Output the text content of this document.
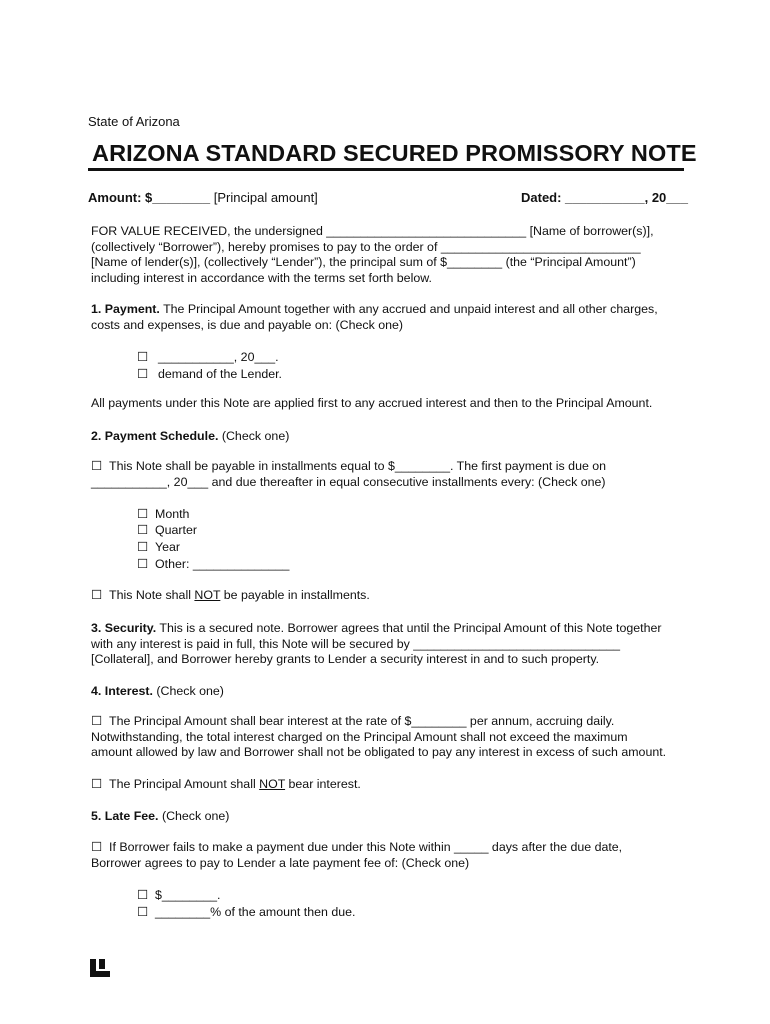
State of Arizona
ARIZONA STANDARD SECURED PROMISSORY NOTE
Amount: $________ [Principal amount]	Dated: ___________, 20___
FOR VALUE RECEIVED, the undersigned _____________________________ [Name of borrower(s)],
(collectively “Borrower”), hereby promises to pay to the order of _____________________________
[Name of lender(s)], (collectively “Lender”), the principal sum of $________ (the “Principal Amount”)
including interest in accordance with the terms set forth below.
1. Payment. The Principal Amount together with any accrued and unpaid interest and all other charges,
costs and expenses, is due and payable on: (Check one)
☐ ___________, 20___.
☐ demand of the Lender.
All payments under this Note are applied first to any accrued interest and then to the Principal Amount.
2. Payment Schedule. (Check one)
☐ This Note shall be payable in installments equal to $________. The first payment is due on
___________, 20___ and due thereafter in equal consecutive installments every: (Check one)
☐ Month
☐ Quarter
☐ Year
☐ Other: ______________
☐ This Note shall NOT be payable in installments.
3. Security. This is a secured note. Borrower agrees that until the Principal Amount of this Note together
with any interest is paid in full, this Note will be secured by ______________________________
[Collateral], and Borrower hereby grants to Lender a security interest in and to such property.
4. Interest. (Check one)
☐ The Principal Amount shall bear interest at the rate of $________ per annum, accruing daily.
Notwithstanding, the total interest charged on the Principal Amount shall not exceed the maximum
amount allowed by law and Borrower shall not be obligated to pay any interest in excess of such amount.
☐ The Principal Amount shall NOT bear interest.
5. Late Fee. (Check one)
☐ If Borrower fails to make a payment due under this Note within _____ days after the due date,
Borrower agrees to pay to Lender a late payment fee of: (Check one)
☐ $________.
☐ ________% of the amount then due.
